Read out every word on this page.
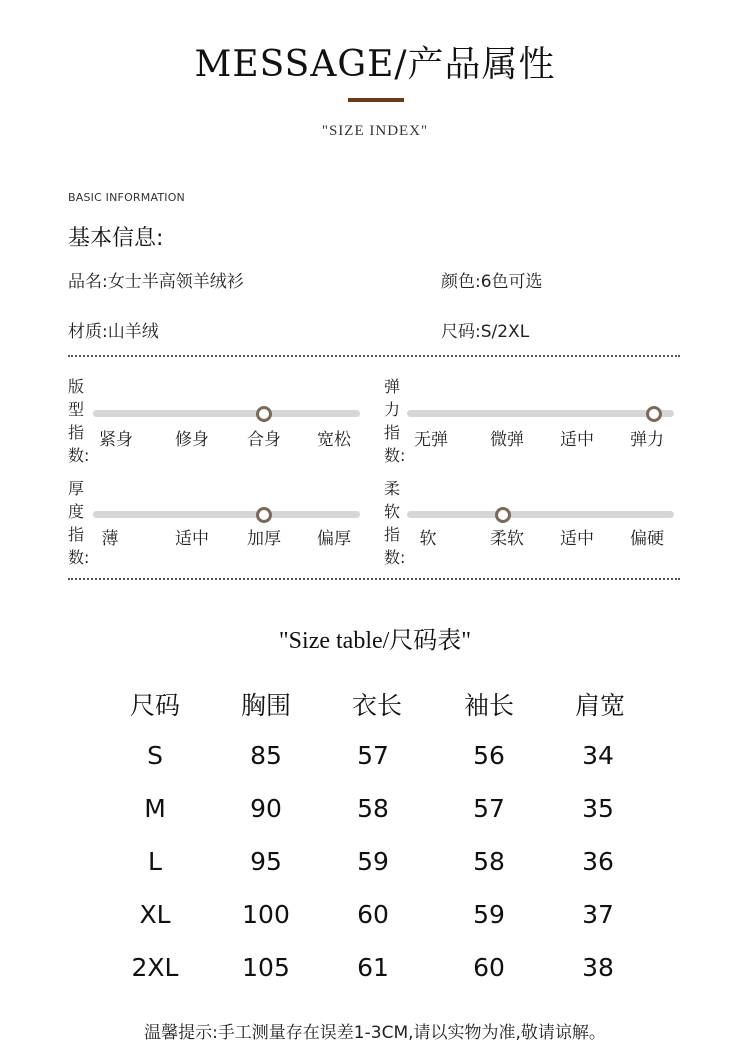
MESSAGE/产品属性
"SIZE INDEX"
BASIC INFORMATION
基本信息:
品名:女士半高领羊绒衫	颜色:6色可选
材质:山羊绒	尺码:S/2XL
版型指数:
紧身	修身	合身	宽松
弹力指数:
无弹	微弹	适中	弹力
厚度指数:
薄	适中	加厚	偏厚
柔软指数:
软	柔软	适中	偏硬
"Size table/尺码表"
尺码	胸围	衣长	袖长	肩宽
S	85	57	56	34
M	90	58	57	35
L	95	59	58	36
XL	100	60	59	37
2XL	105	61	60	38
温馨提示:手工测量存在误差1-3CM,请以实物为准,敬请谅解。
